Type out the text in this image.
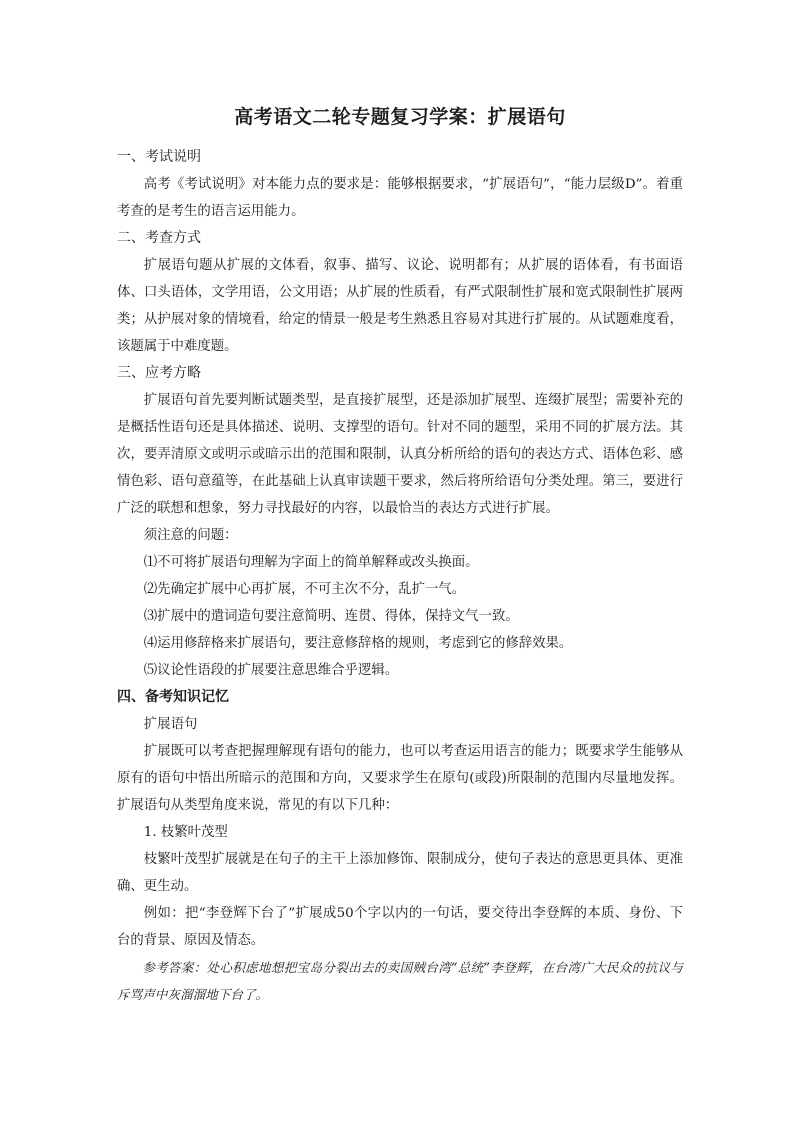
高考语文二轮专题复习学案：扩展语句

一、考试说明

高考《考试说明》对本能力点的要求是：能够根据要求，“扩展语句”，“能力层级D”。着重考查的是考生的语言运用能力。

二、考查方式

扩展语句题从扩展的文体看，叙事、描写、议论、说明都有；从扩展的语体看，有书面语体、口头语体，文学用语，公文用语；从扩展的性质看，有严式限制性扩展和宽式限制性扩展两类；从护展对象的情境看，给定的情景一般是考生熟悉且容易对其进行扩展的。从试题难度看，该题属于中难度题。

三、应考方略

扩展语句首先要判断试题类型，是直接扩展型，还是添加扩展型、连缀扩展型；需要补充的是概括性语句还是具体描述、说明、支撑型的语句。针对不同的题型，采用不同的扩展方法。其次，要弄清原文或明示或暗示出的范围和限制，认真分析所给的语句的表达方式、语体色彩、感情色彩、语句意蕴等，在此基础上认真审读题干要求，然后将所给语句分类处理。第三，要进行广泛的联想和想象，努力寻找最好的内容，以最恰当的表达方式进行扩展。

须注意的问题：

⑴不可将扩展语句理解为字面上的简单解释或改头换面。

⑵先确定扩展中心再扩展，不可主次不分，乱扩一气。

⑶扩展中的遣词造句要注意简明、连贯、得体，保持文气一致。

⑷运用修辞格来扩展语句，要注意修辞格的规则，考虑到它的修辞效果。

⑸议论性语段的扩展要注意思维合乎逻辑。

四、备考知识记忆

扩展语句

扩展既可以考查把握理解现有语句的能力，也可以考查运用语言的能力；既要求学生能够从原有的语句中悟出所暗示的范围和方向，又要求学生在原句(或段)所限制的范围内尽量地发挥。扩展语句从类型角度来说，常见的有以下几种：

1. 枝繁叶茂型

枝繁叶茂型扩展就是在句子的主干上添加修饰、限制成分，使句子表达的意思更具体、更准确、更生动。

例如：把“李登辉下台了”扩展成50个字以内的一句话，要交待出李登辉的本质、身份、下台的背景、原因及情态。

参考答案：处心积虑地想把宝岛分裂出去的卖国贼台湾“总统”李登辉，在台湾广大民众的抗议与斥骂声中灰溜溜地下台了。
